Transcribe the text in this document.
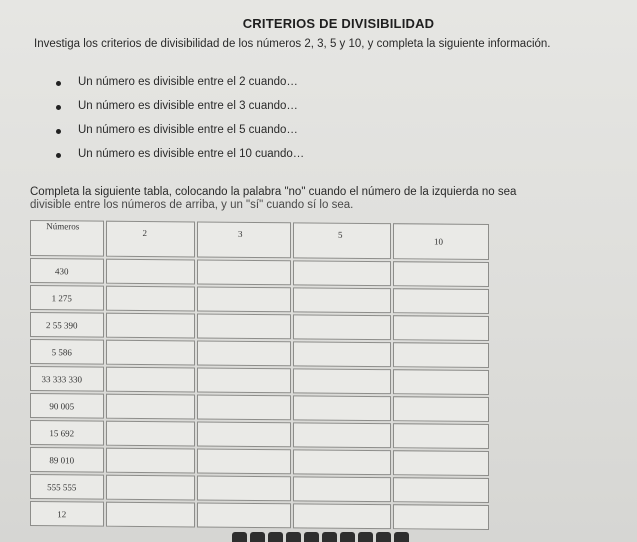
CRITERIOS DE DIVISIBILIDAD
Investiga los criterios de divisibilidad de los números 2, 3, 5 y 10, y completa la siguiente información.
Un número es divisible entre el 2 cuando…
Un número es divisible entre el 3 cuando…
Un número es divisible entre el 5 cuando…
Un número es divisible entre el 10 cuando…
Completa la siguiente tabla, colocando la palabra "no" cuando el número de la izquierda no sea
divisible entre los números de arriba, y un "sí" cuando sí lo sea.
Números	2	3	5	10
430				
1 275				
2 55 390				
5 586				
33 333 330				
90 005				
15 692				
89 010				
555 555				
12				
